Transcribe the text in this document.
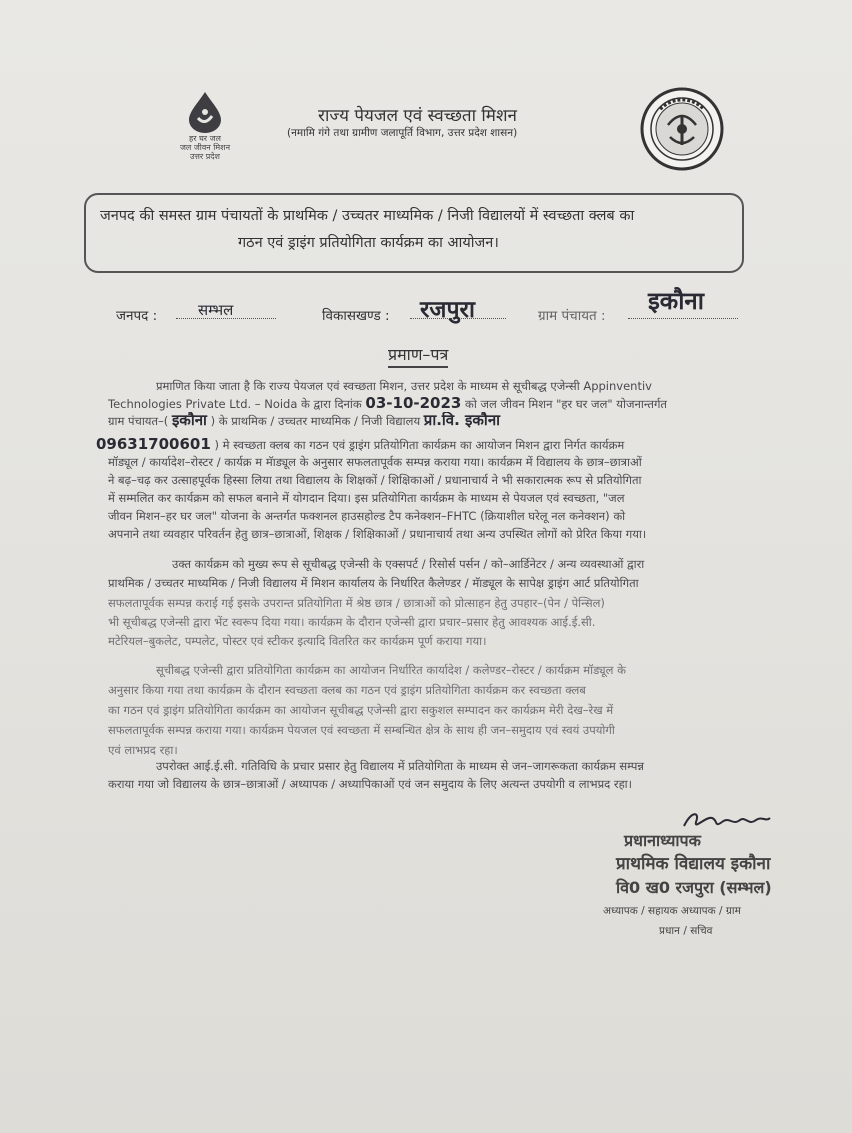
हर घर जल
जल जीवन मिशन
उत्तर प्रदेश
राज्य पेयजल एवं स्वच्छता मिशन
(नमामि गंगे तथा ग्रामीण जलापूर्ति विभाग, उत्तर प्रदेश शासन)
जनपद की समस्त ग्राम पंचायतों के प्राथमिक / उच्चतर माध्यमिक / निजी विद्यालयों में स्वच्छता क्लब का
गठन एवं ड्राइंग प्रतियोगिता कार्यक्रम का आयोजन।
जनपद :	सम्भल	विकासखण्ड : रजपुरा	ग्राम पंचायत :
इकौना
प्रमाण–पत्र
प्रमाणित किया जाता है कि राज्य पेयजल एवं स्वच्छता मिशन, उत्तर प्रदेश के माध्यम से सूचीबद्ध एजेन्सी Appinventiv
Technologies Private Ltd. – Noida के द्वारा दिनांक 03-10-2023 को जल जीवन मिशन "हर घर जल" योजनान्तर्गत
ग्राम पंचायत–( इकौना ) के प्राथमिक / उच्चतर माध्यमिक / निजी विद्यालय प्रा.वि. इकौना
09631700601 ) मे स्वच्छता क्लब का गठन एवं ड्राइंग प्रतियोगिता कार्यक्रम का आयोजन मिशन द्वारा निर्गत कार्यक्रम
मॉड्यूल / कार्यादेश–रोस्टर / कार्यक्र म मॅाड्यूल के अनुसार सफलतापूर्वक सम्पन्न कराया गया। कार्यक्रम में विद्यालय के छात्र–छात्राओं
ने बढ़–चढ़ कर उत्साहपूर्वक हिस्सा लिया तथा विद्यालय के शिक्षकों / शिक्षिकाओं / प्रधानाचार्य ने भी सकारात्मक रूप से प्रतियोगिता
में सम्मलित कर कार्यक्रम को सफल बनाने में योगदान दिया। इस प्रतियोगिता कार्यक्रम के माध्यम से पेयजल एवं स्वच्छता, "जल
जीवन मिशन–हर घर जल" योजना के अन्तर्गत फक्शनल हाउसहोल्ड टैप कनेक्शन–FHTC (क्रियाशील घरेलू नल कनेक्शन) को
अपनाने तथा व्यवहार परिवर्तन हेतु छात्र–छात्राओं, शिक्षक / शिक्षिकाओं / प्रधानाचार्य तथा अन्य उपस्थित लोगों को प्रेरित किया गया।
उक्त कार्यक्रम को मुख्य रूप से सूचीबद्ध एजेन्सी के एक्सपर्ट / रिसोर्स पर्सन / को–आर्डिनेटर / अन्य व्यवस्थाओं द्वारा
प्राथमिक / उच्चतर माध्यमिक / निजी विद्यालय में मिशन कार्यालय के निर्धारित कैलेण्डर / मॅाड्यूल के सापेक्ष ड्राइंग आर्ट प्रतियोगिता
सफलतापूर्वक सम्पन्न कराई गई इसके उपरान्त प्रतियोगिता में श्रेष्ठ छात्र / छात्राओं को प्रोत्साहन हेतु उपहार–(पेन / पेन्सिल)
भी सूचीबद्ध एजेन्सी द्वारा भेंट स्वरूप दिया गया। कार्यक्रम के दौरान एजेन्सी द्वारा प्रचार–प्रसार हेतु आवश्यक आई.ई.सी.
मटेरियल–बुकलेट, पम्पलेट, पोस्टर एवं स्टीकर इत्यादि वितरित कर कार्यक्रम पूर्ण कराया गया।
सूचीबद्ध एजेन्सी द्वारा प्रतियोगिता कार्यक्रम का आयोजन निर्धारित कार्यादेश / कलेण्डर–रोस्टर / कार्यक्रम मॉड्यूल के
अनुसार किया गया तथा कार्यक्रम के दौरान स्वच्छता क्लब का गठन एवं ड्राइंग प्रतियोगिता कार्यक्रम कर स्वच्छता क्लब
का गठन एवं ड्राइंग प्रतियोगिता कार्यक्रम का आयोजन सूचीबद्ध एजेन्सी द्वारा सकुशल सम्पादन कर कार्यक्रम मेरी देख–रेख में
सफलतापूर्वक सम्पन्न कराया गया। कार्यक्रम पेयजल एवं स्वच्छता में सम्बन्धित क्षेत्र के साथ ही जन–समुदाय एवं स्वयं उपयोगी
एवं लाभप्रद रहा।
उपरोक्त आई.ई.सी. गतिविधि के प्रचार प्रसार हेतु विद्यालय में प्रतियोगिता के माध्यम से जन–जागरूकता कार्यक्रम सम्पन्न
कराया गया जो विद्यालय के छात्र–छात्राओं / अध्यापक / अध्यापिकाओं एवं जन समुदाय के लिए अत्यन्त उपयोगी व लाभप्रद रहा।
प्रधानाध्यापक
प्राथमिक विद्यालय इकौना
वि0 ख0 रजपुरा (सम्भल)
अध्यापक / सहायक अध्यापक / ग्राम
प्रधान / सचिव
